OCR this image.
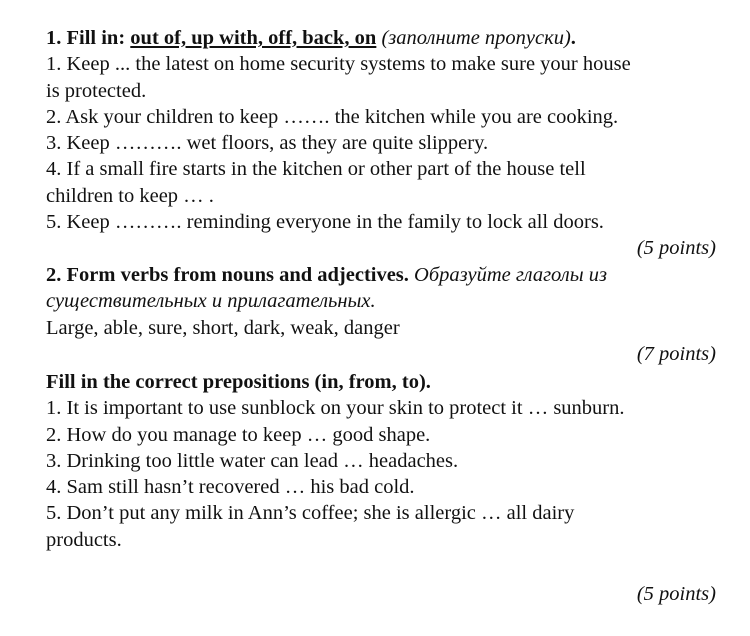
1. Fill in: out of, up with, off, back, on (заполните пропуски).
1. Keep ... the latest on home security systems to make sure your house
is protected.
2. Ask your children to keep ……. the kitchen while you are cooking.
3. Keep ………. wet floors, as they are quite slippery.
4. If a small fire starts in the kitchen or other part of the house tell
children to keep … .
5. Keep ………. reminding everyone in the family to lock all doors.
(5 points)
2. Form verbs from nouns and adjectives. Образуйте глаголы из
существительных и прилагательных.
Large, able, sure, short, dark, weak, danger
(7 points)
Fill in the correct prepositions (in, from, to).
1. It is important to use sunblock on your skin to protect it … sunburn.
2. How do you manage to keep … good shape.
3. Drinking too little water can lead … headaches.
4. Sam still hasn’t recovered … his bad cold.
5. Don’t put any milk in Ann’s coffee; she is allergic … all dairy
products.
(5 points)
